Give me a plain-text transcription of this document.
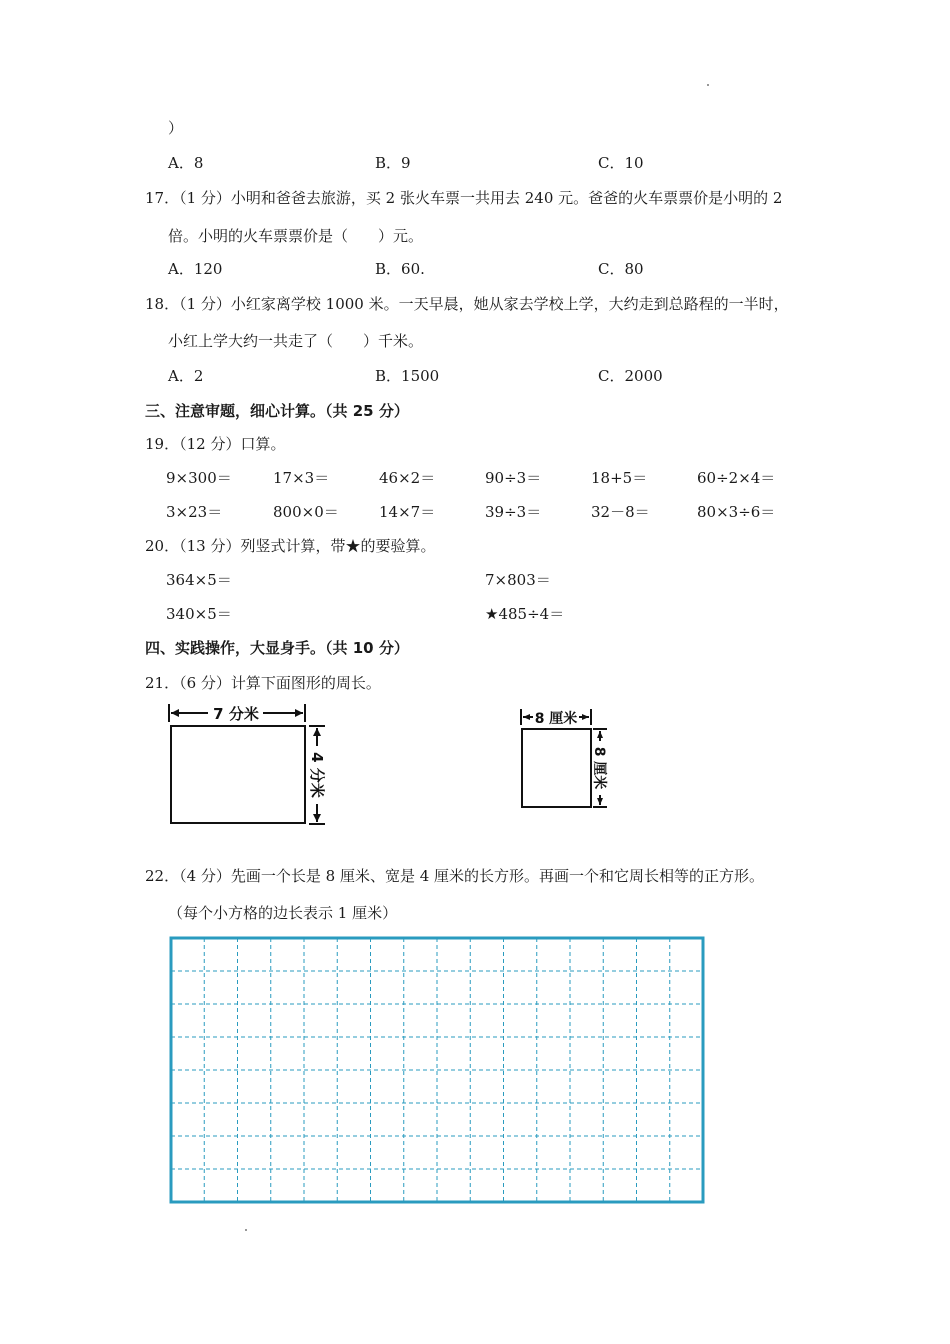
）
A．8	B．9	C．10
17．（1 分）小明和爸爸去旅游，买 2 张火车票一共用去 240 元。爸爸的火车票票价是小明的 2
倍。小明的火车票票价是（　　）元。
A．120	B．60.	C．80
18．（1 分）小红家离学校 1000 米。一天早晨，她从家去学校上学，大约走到总路程的一半时，
小红上学大约一共走了（　　）千米。
A．2	B．1500	C．2000
三、注意审题，细心计算。（共 25 分）
19．（12 分）口算。
9×300＝	17×3＝	46×2＝	90÷3＝	18+5＝	60÷2×4＝
3×23＝	800×0＝	14×7＝	39÷3＝	32－8＝	80×3÷6＝
20．（13 分）列竖式计算，带★的要验算。
364×5＝	7×803＝
340×5＝	★485÷4＝
四、实践操作，大显身手。（共 10 分）
21．（6 分）计算下面图形的周长。
7 分米
4 分米
8 厘米
8 厘米
22．（4 分）先画一个长是 8 厘米、宽是 4 厘米的长方形。再画一个和它周长相等的正方形。
（每个小方格的边长表示 1 厘米）
